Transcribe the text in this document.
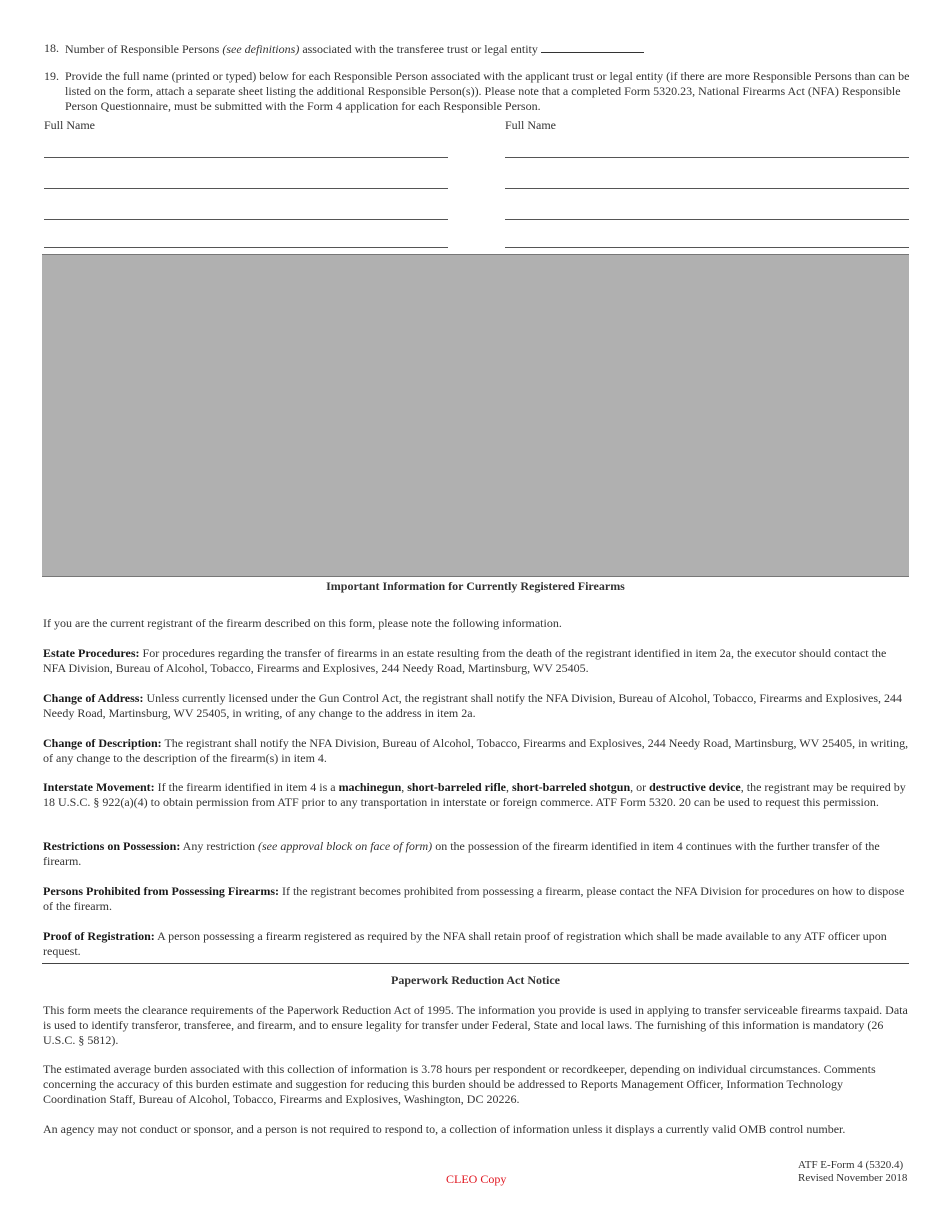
18. Number of Responsible Persons (see definitions) associated with the transferee trust or legal entity
19. Provide the full name (printed or typed) below for each Responsible Person associated with the applicant trust or legal entity (if there are more Responsible Persons than can be listed on the form, attach a separate sheet listing the additional Responsible Person(s)). Please note that a completed Form 5320.23, National Firearms Act (NFA) Responsible Person Questionnaire, must be submitted with the Form 4 application for each Responsible Person.
Full Name	Full Name
Important Information for Currently Registered Firearms
If you are the current registrant of the firearm described on this form, please note the following information.
Estate Procedures: For procedures regarding the transfer of firearms in an estate resulting from the death of the registrant identified in item 2a, the executor should contact the NFA Division, Bureau of Alcohol, Tobacco, Firearms and Explosives, 244 Needy Road, Martinsburg, WV 25405.
Change of Address: Unless currently licensed under the Gun Control Act, the registrant shall notify the NFA Division, Bureau of Alcohol, Tobacco, Firearms and Explosives, 244 Needy Road, Martinsburg, WV 25405, in writing, of any change to the address in item 2a.
Change of Description: The registrant shall notify the NFA Division, Bureau of Alcohol, Tobacco, Firearms and Explosives, 244 Needy Road, Martinsburg, WV 25405, in writing, of any change to the description of the firearm(s) in item 4.
Interstate Movement: If the firearm identified in item 4 is a machinegun, short-barreled rifle, short-barreled shotgun, or destructive device, the registrant may be required by 18 U.S.C. § 922(a)(4) to obtain permission from ATF prior to any transportation in interstate or foreign commerce. ATF Form 5320. 20 can be used to request this permission.
Restrictions on Possession: Any restriction (see approval block on face of form) on the possession of the firearm identified in item 4 continues with the further transfer of the firearm.
Persons Prohibited from Possessing Firearms: If the registrant becomes prohibited from possessing a firearm, please contact the NFA Division for procedures on how to dispose of the firearm.
Proof of Registration: A person possessing a firearm registered as required by the NFA shall retain proof of registration which shall be made available to any ATF officer upon request.
Paperwork Reduction Act Notice
This form meets the clearance requirements of the Paperwork Reduction Act of 1995. The information you provide is used in applying to transfer serviceable firearms taxpaid. Data is used to identify transferor, transferee, and firearm, and to ensure legality for transfer under Federal, State and local laws. The furnishing of this information is mandatory (26 U.S.C. § 5812).
The estimated average burden associated with this collection of information is 3.78 hours per respondent or recordkeeper, depending on individual circumstances. Comments concerning the accuracy of this burden estimate and suggestion for reducing this burden should be addressed to Reports Management Officer, Information Technology Coordination Staff, Bureau of Alcohol, Tobacco, Firearms and Explosives, Washington, DC 20226.
An agency may not conduct or sponsor, and a person is not required to respond to, a collection of information unless it displays a currently valid OMB control number.
CLEO Copy
ATF E-Form 4 (5320.4)
Revised November 2018
